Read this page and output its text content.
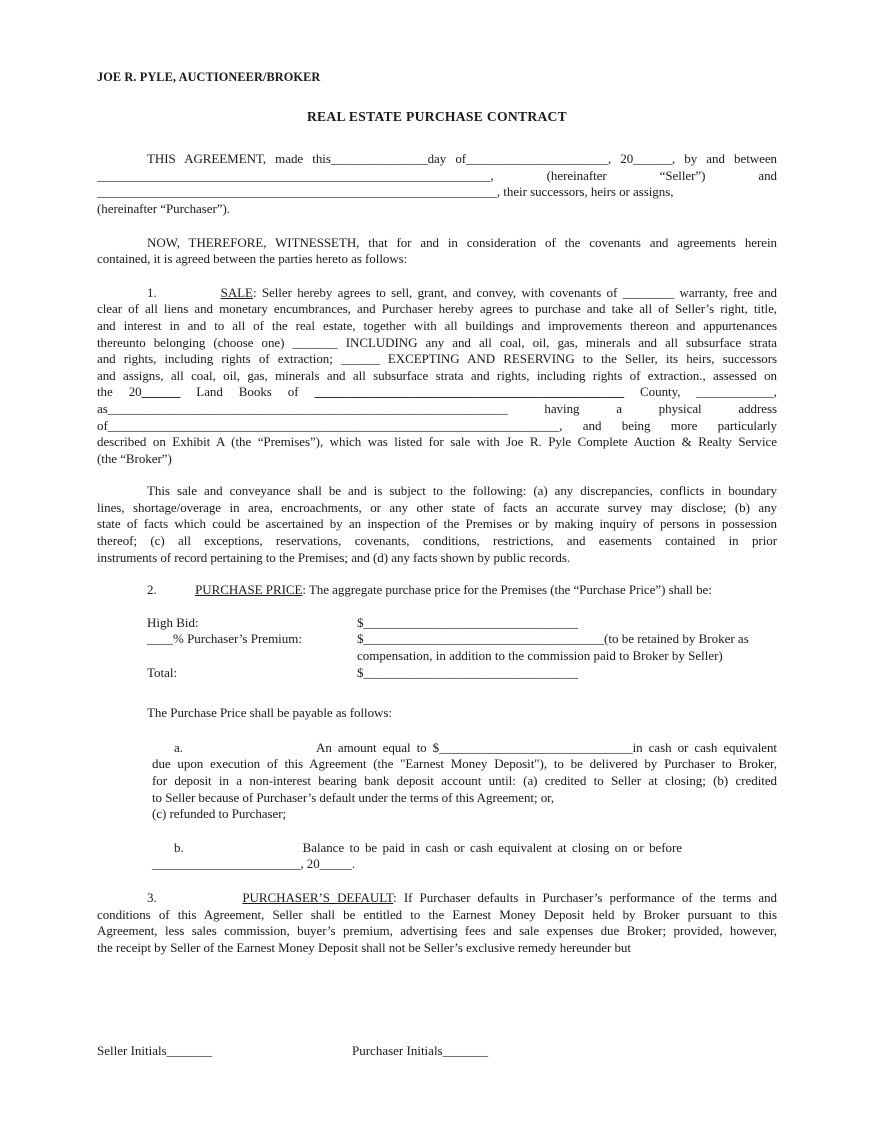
JOE R. PYLE, AUCTIONEER/BROKER
REAL ESTATE PURCHASE CONTRACT
THIS AGREEMENT, made this_______________day of______________________, 20______, by and between
_____________________________________________________________, (hereinafter “Seller”) and
______________________________________________________________, their successors, heirs or assigns,
(hereinafter “Purchaser”).
NOW, THEREFORE, WITNESSETH, that for and in consideration of the covenants and agreements herein
contained, it is agreed between the parties hereto as follows:
1.            SALE: Seller hereby agrees to sell, grant, and convey, with covenants of ________ warranty, free and
clear of all liens and monetary encumbrances, and Purchaser hereby agrees to purchase and take all of Seller’s right, title,
and interest in and to all of the real estate, together with all buildings and improvements thereon and appurtenances
thereunto belonging (choose one) _______ INCLUDING any and all coal, oil, gas, minerals and all subsurface strata
and rights, including rights of extraction; ______ EXCEPTING AND RESERVING to the Seller, its heirs, successors
and assigns, all coal, oil, gas, minerals and all subsurface strata and rights, including rights of extraction., assessed on
the 20______ Land Books of ________________________________________________ County, ____________,
as______________________________________________________________ having a physical address
of______________________________________________________________________, and being more particularly
described on Exhibit A (the “Premises”), which was listed for sale with Joe R. Pyle Complete Auction & Realty Service
(the “Broker”)
This sale and conveyance shall be and is subject to the following: (a) any discrepancies, conflicts in boundary
lines, shortage/overage in area, encroachments, or any other state of facts an accurate survey may disclose; (b) any
state of facts which could be ascertained by an inspection of the Premises or by making inquiry of persons in possession
thereof; (c) all exceptions, reservations, covenants, conditions, restrictions, and easements contained in prior
instruments of record pertaining to the Premises; and (d) any facts shown by public records.
2.            PURCHASE PRICE: The aggregate purchase price for the Premises (the “Purchase Price”) shall be:
High Bid:	$_________________________________
____% Purchaser’s Premium:	$_____________________________________(to be retained by Broker as
compensation, in addition to the commission paid to Broker by Seller)
Total:	$_________________________________
The Purchase Price shall be payable as follows:
a.                      An amount equal to $______________________________in cash or cash equivalent
due upon execution of this Agreement (the "Earnest Money Deposit"), to be delivered by Purchaser to Broker,
for deposit in a non-interest bearing bank deposit account until: (a) credited to Seller at closing; (b) credited
to Seller because of Purchaser’s default under the terms of this Agreement; or,
(c) refunded to Purchaser;
b.                      Balance to be paid in cash or cash equivalent at closing on or before
_______________________, 20_____.
3.            PURCHASER’S DEFAULT: If Purchaser defaults in Purchaser’s performance of the terms and
conditions of this Agreement, Seller shall be entitled to the Earnest Money Deposit held by Broker pursuant to this
Agreement, less sales commission, buyer’s premium, advertising fees and sale expenses due Broker; provided, however,
the receipt by Seller of the Earnest Money Deposit shall not be Seller’s exclusive remedy hereunder but
Seller Initials_______	Purchaser Initials_______
